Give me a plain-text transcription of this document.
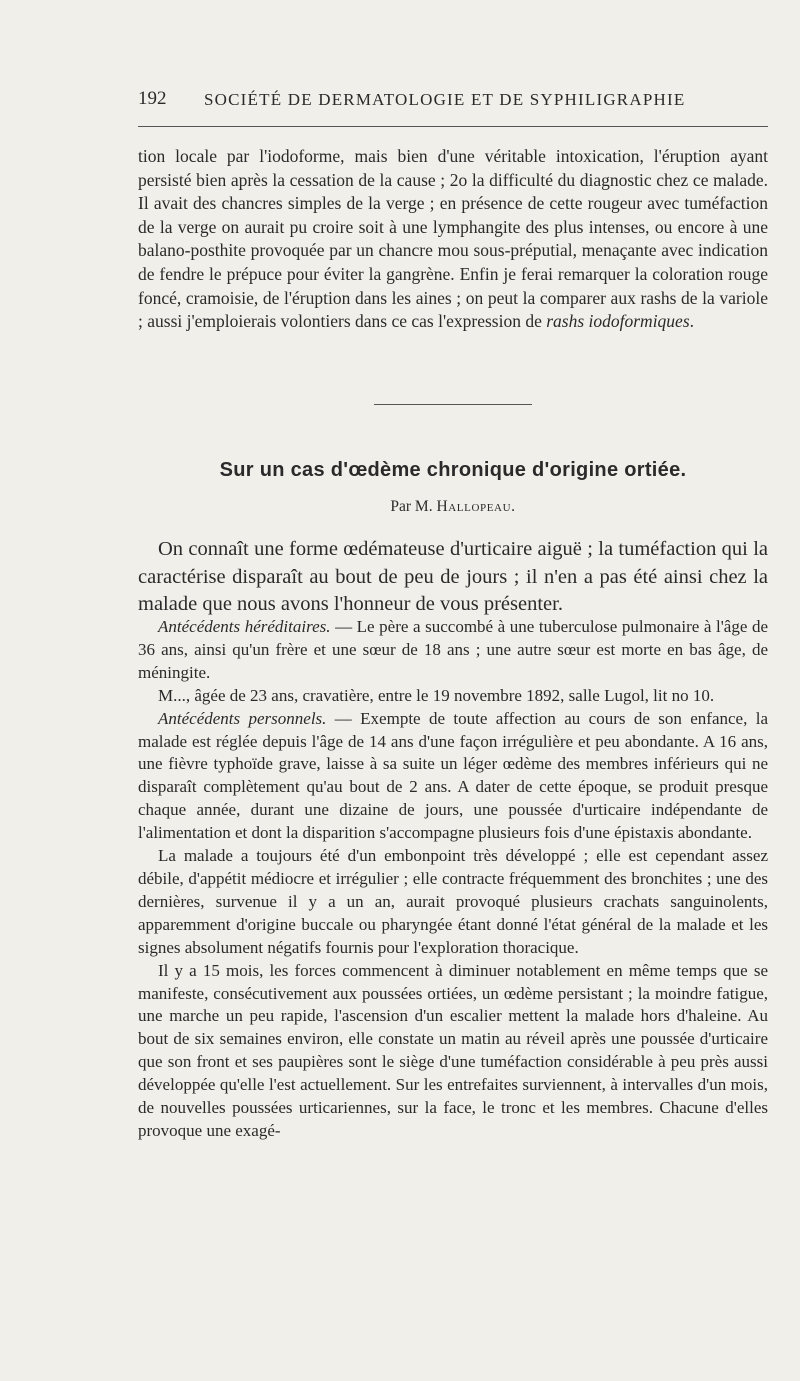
192 SOCIÉTÉ DE DERMATOLOGIE ET DE SYPHILIGRAPHIE

tion locale par l'iodoforme, mais bien d'une véritable intoxication, l'éruption ayant persisté bien après la cessation de la cause ; 2o la difficulté du diagnostic chez ce malade. Il avait des chancres simples de la verge ; en présence de cette rougeur avec tuméfaction de la verge on aurait pu croire soit à une lymphangite des plus intenses, ou encore à une balano-posthite provoquée par un chancre mou sous-préputial, menaçante avec indication de fendre le prépuce pour éviter la gangrène. Enfin je ferai remarquer la coloration rouge foncé, cramoisie, de l'éruption dans les aines ; on peut la comparer aux rashs de la variole ; aussi j'emploierais volontiers dans ce cas l'expression de rashs iodoformiques.

Sur un cas d'œdème chronique d'origine ortiée.
Par M. Hallopeau.

On connaît une forme œdémateuse d'urticaire aiguë ; la tuméfaction qui la caractérise disparaît au bout de peu de jours ; il n'en a pas été ainsi chez la malade que nous avons l'honneur de vous présenter.

Antécédents héréditaires. — Le père a succombé à une tuberculose pulmonaire à l'âge de 36 ans, ainsi qu'un frère et une sœur de 18 ans ; une autre sœur est morte en bas âge, de méningite.

M..., âgée de 23 ans, cravatière, entre le 19 novembre 1892, salle Lugol, lit no 10.

Antécédents personnels. — Exempte de toute affection au cours de son enfance, la malade est réglée depuis l'âge de 14 ans d'une façon irrégulière et peu abondante. A 16 ans, une fièvre typhoïde grave, laisse à sa suite un léger œdème des membres inférieurs qui ne disparaît complètement qu'au bout de 2 ans. A dater de cette époque, se produit presque chaque année, durant une dizaine de jours, une poussée d'urticaire indépendante de l'alimentation et dont la disparition s'accompagne plusieurs fois d'une épistaxis abondante.

La malade a toujours été d'un embonpoint très développé ; elle est cependant assez débile, d'appétit médiocre et irrégulier ; elle contracte fréquemment des bronchites ; une des dernières, survenue il y a un an, aurait provoqué plusieurs crachats sanguinolents, apparemment d'origine buccale ou pharyngée étant donné l'état général de la malade et les signes absolument négatifs fournis pour l'exploration thoracique.

Il y a 15 mois, les forces commencent à diminuer notablement en même temps que se manifeste, consécutivement aux poussées ortiées, un œdème persistant ; la moindre fatigue, une marche un peu rapide, l'ascension d'un escalier mettent la malade hors d'haleine. Au bout de six semaines environ, elle constate un matin au réveil après une poussée d'urticaire que son front et ses paupières sont le siège d'une tuméfaction considérable à peu près aussi développée qu'elle l'est actuellement. Sur les entrefaites surviennent, à intervalles d'un mois, de nouvelles poussées urticariennes, sur la face, le tronc et les membres. Chacune d'elles provoque une exagé-
